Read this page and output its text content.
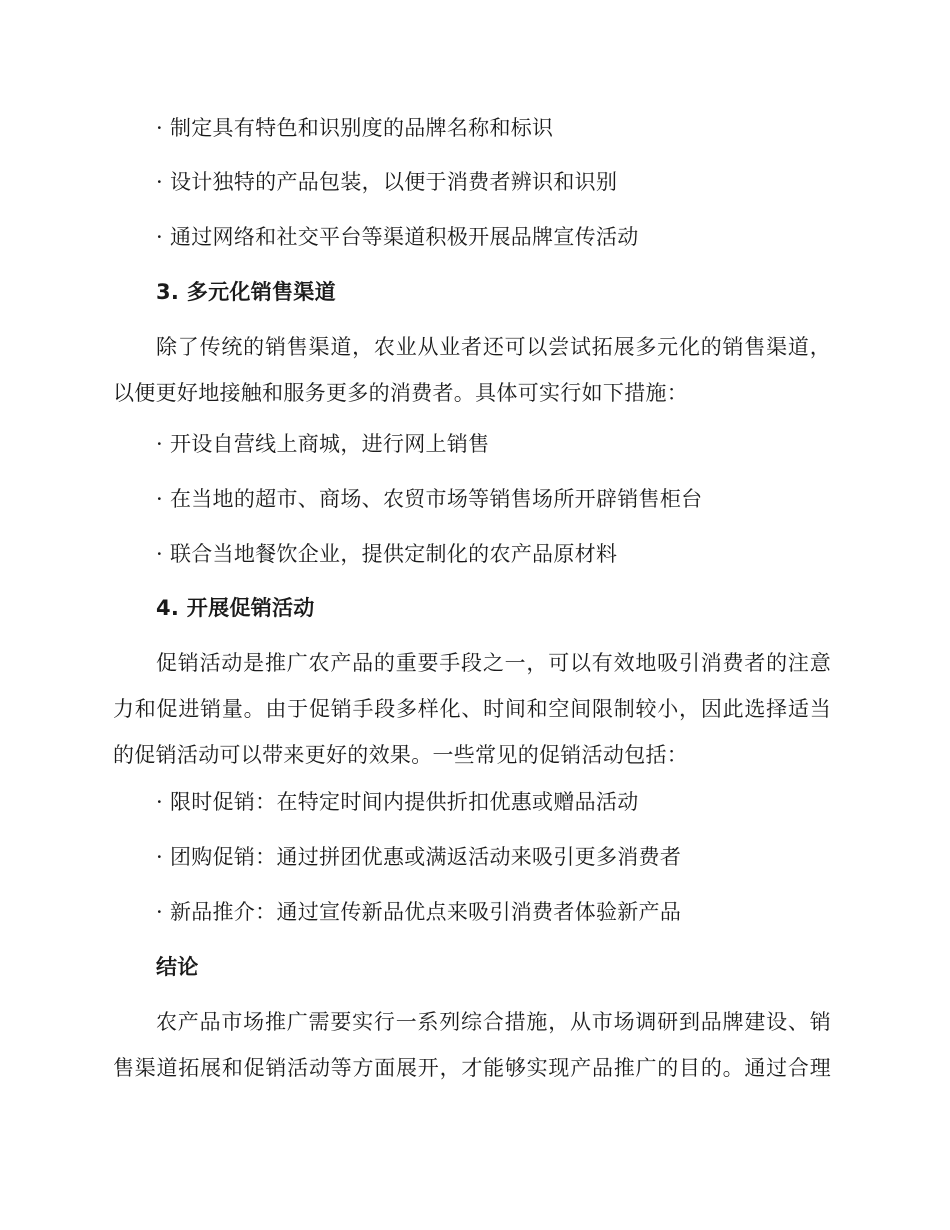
· 制定具有特色和识别度的品牌名称和标识
· 设计独特的产品包装，以便于消费者辨识和识别
· 通过网络和社交平台等渠道积极开展品牌宣传活动
3. 多元化销售渠道
除了传统的销售渠道，农业从业者还可以尝试拓展多元化的销售渠道，
以便更好地接触和服务更多的消费者。具体可实行如下措施：
· 开设自营线上商城，进行网上销售
· 在当地的超市、商场、农贸市场等销售场所开辟销售柜台
· 联合当地餐饮企业，提供定制化的农产品原材料
4. 开展促销活动
促销活动是推广农产品的重要手段之一，可以有效地吸引消费者的注意
力和促进销量。由于促销手段多样化、时间和空间限制较小，因此选择适当
的促销活动可以带来更好的效果。一些常见的促销活动包括：
· 限时促销：在特定时间内提供折扣优惠或赠品活动
· 团购促销：通过拼团优惠或满返活动来吸引更多消费者
· 新品推介：通过宣传新品优点来吸引消费者体验新产品
结论
农产品市场推广需要实行一系列综合措施，从市场调研到品牌建设、销
售渠道拓展和促销活动等方面展开，才能够实现产品推广的目的。通过合理
